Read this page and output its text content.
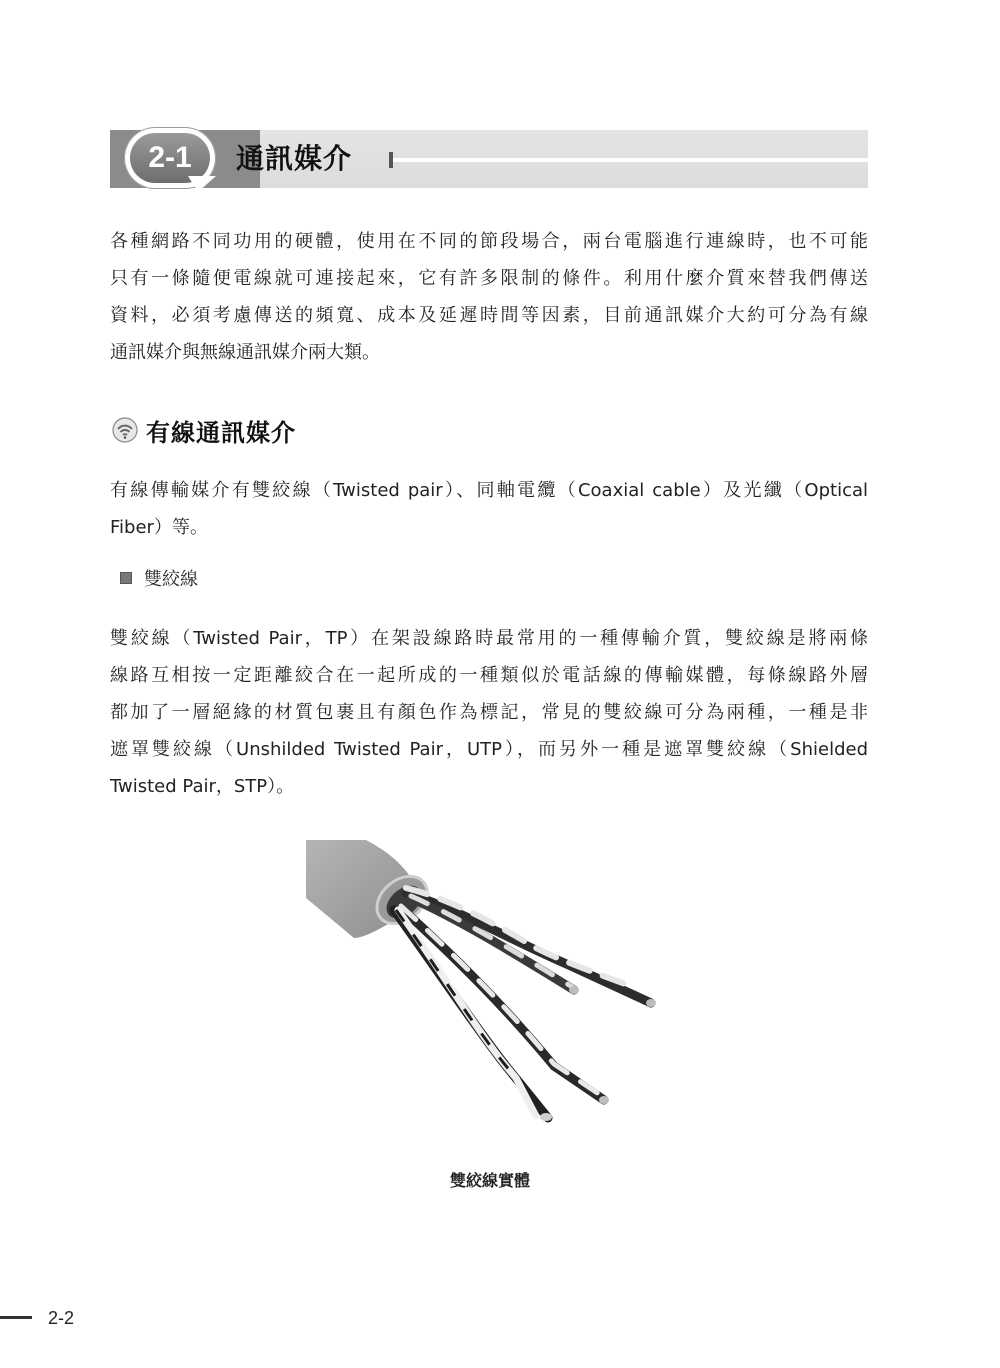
2-1	通訊媒介
各種網路不同功用的硬體，使用在不同的節段場合，兩台電腦進行連線時，也不可能
只有一條隨便電線就可連接起來，它有許多限制的條件。利用什麼介質來替我們傳送
資料，必須考慮傳送的頻寬、成本及延遲時間等因素，目前通訊媒介大約可分為有線
通訊媒介與無線通訊媒介兩大類。
有線通訊媒介
有線傳輸媒介有雙絞線（Twisted pair）、同軸電纜（Coaxial cable）及光纖（Optical
Fiber）等。
雙絞線
雙絞線（Twisted Pair，TP）在架設線路時最常用的一種傳輸介質，雙絞線是將兩條
線路互相按一定距離絞合在一起所成的一種類似於電話線的傳輸媒體，每條線路外層
都加了一層絕緣的材質包裹且有顏色作為標記，常見的雙絞線可分為兩種，一種是非
遮罩雙絞線（Unshilded Twisted Pair，UTP），而另外一種是遮罩雙絞線（Shielded
Twisted Pair，STP）。
雙絞線實體
2-2
